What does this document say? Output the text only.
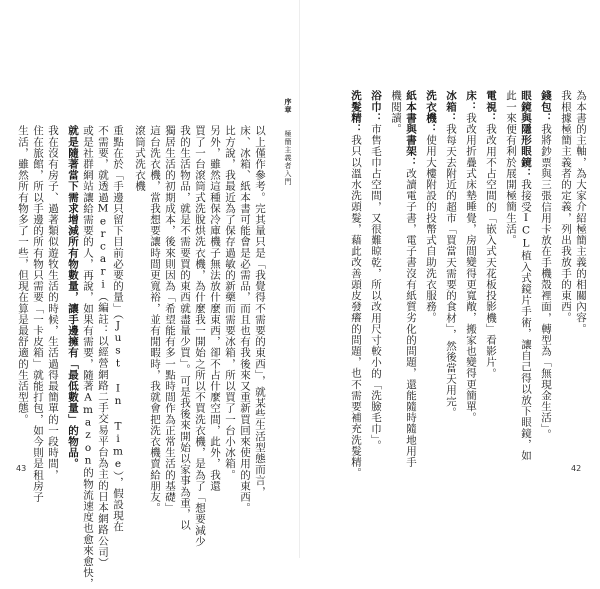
序章
極簡主義者入門
以上僅作參考。完其量只是「我覺得不需要的東西」，就某些生活型態而言，
床、冰箱、紙本書可能會是必需品，而且也有我後來又重新買回來使用的東西。
比方說，我最近為了保存過敏的新藥而需要冰箱，所以買了一台小冰箱。
另外，雖然這種保冷庫機子無法放什麼東西，卻不占什麼空間，此外，我還
買了一台滾筒式洗脫烘洗衣機，為什麼我一開始之所以不買洗衣機，是為了「想要減少
我的生活物品，就是不需要買的東西就盡量少買」。可是我後來開始以家事為重，以
獨居生活的初期成本，後來則因為「希望能有多一點時間作為正常生活的基礎」
這台洗衣機，當我想要讓時間更寬裕，並有閒暇時，我就會把洗衣機賣給朋友。
滾筒式洗衣機
重點在於「手邊只留下目前必要的量」（Just In Time），假設現在
不需要，就透過Mercari（編註：以經營網路二手交易平台為主的日本網路公司）
或是社群網站讓給需要的人，再說，如果有需要，隨著Amazon的物流速度也愈來愈快，
就是隨著當下需求增減所有物數量，讓手邊擁有「最低數量」的物品。
我在沒有房子、過著類似遊牧生活的時候，生活過得最簡單的一段時間，
住在旅館，所以手邊的所有物只需要「一卡皮箱」就能打包，如今則是租房子
生活，雖然所有物多了一些，但現在算是最舒適的生活型態。
43
為本書的主軸，為大家介紹極簡主義的相關內容。
我根據極簡主義者的定義，列出我放手的東西。
錢包：我將鈔票與三張信用卡放在手機殼裡面，轉型為「無現金生活」。
眼鏡與隱形眼鏡：我接受ICL植入式鏡片手術，讓自己得以放下眼鏡，如
此一來便有利於展開極簡生活。
電視：我改用不占空間的「嵌入式天花板投影機」看影片。
床：我改用折疊式床墊睡覺，房間變得更寬敞，搬家也變得更簡單。
冰箱：我每天去附近的超市「買當天需要的食材」，然後當天用完。
洗衣機：使用大樓附設的投幣式自助洗衣服務。
紙本書與書架：改讀電子書，電子書沒有紙質劣化的問題，還能隨時隨地用手
機閱讀。
浴巾：市售毛巾占空間，又很難晾乾，所以改用尺寸較小的「洗臉毛巾」。
洗髮精：我只以溫水洗頭髮，藉此改善頭皮發癢的問題，也不需要補充洗髮精。	42
